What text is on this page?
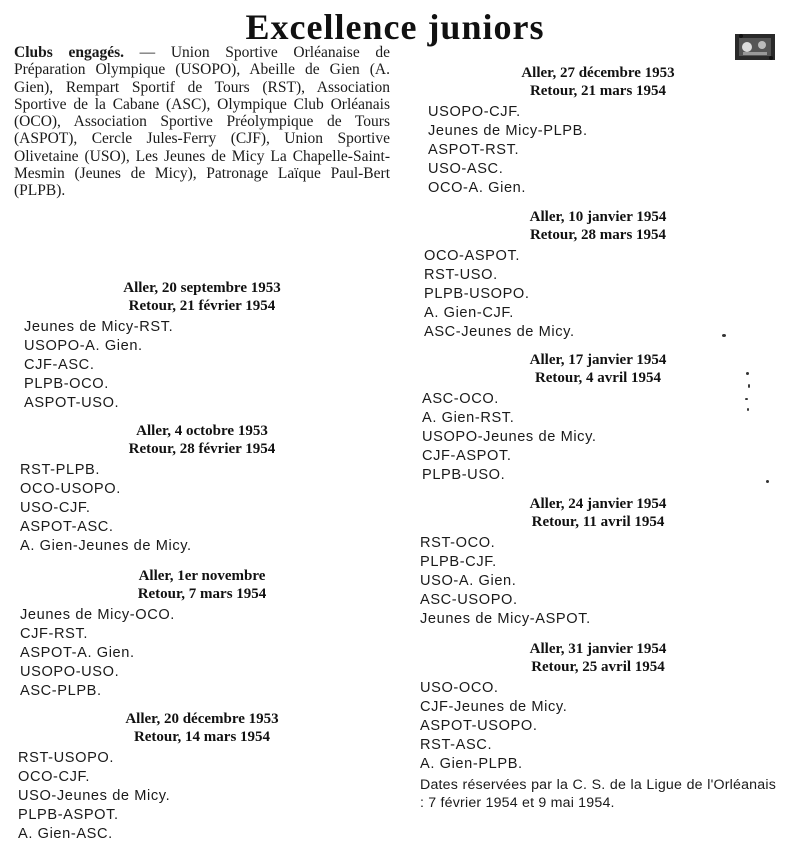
Excellence juniors
Clubs engagés. — Union Sportive Orléanaise de Préparation Olympique (USOPO), Abeille de Gien (A. Gien), Rempart Sportif de Tours (RST), Association Sportive de la Cabane (ASC), Olympique Club Orléanais (OCO), Association Sportive Préolympique de Tours (ASPOT), Cercle Jules-Ferry (CJF), Union Sportive Olivetaine (USO), Les Jeunes de Micy La Chapelle-Saint-Mesmin (Jeunes de Micy), Patronage Laïque Paul-Bert (PLPB).
Aller, 20 septembre 1953
Retour, 21 février 1954
Jeunes de Micy-RST.
USOPO-A. Gien.
CJF-ASC.
PLPB-OCO.
ASPOT-USO.
Aller, 4 octobre 1953
Retour, 28 février 1954
RST-PLPB.
OCO-USOPO.
USO-CJF.
ASPOT-ASC.
A. Gien-Jeunes de Micy.
Aller, 1er novembre
Retour, 7 mars 1954
Jeunes de Micy-OCO.
CJF-RST.
ASPOT-A. Gien.
USOPO-USO.
ASC-PLPB.
Aller, 20 décembre 1953
Retour, 14 mars 1954
RST-USOPO.
OCO-CJF.
USO-Jeunes de Micy.
PLPB-ASPOT.
A. Gien-ASC.
Aller, 27 décembre 1953
Retour, 21 mars 1954
USOPO-CJF.
Jeunes de Micy-PLPB.
ASPOT-RST.
USO-ASC.
OCO-A. Gien.
Aller, 10 janvier 1954
Retour, 28 mars 1954
OCO-ASPOT.
RST-USO.
PLPB-USOPO.
A. Gien-CJF.
ASC-Jeunes de Micy.
Aller, 17 janvier 1954
Retour, 4 avril 1954
ASC-OCO.
A. Gien-RST.
USOPO-Jeunes de Micy.
CJF-ASPOT.
PLPB-USO.
Aller, 24 janvier 1954
Retour, 11 avril 1954
RST-OCO.
PLPB-CJF.
USO-A. Gien.
ASC-USOPO.
Jeunes de Micy-ASPOT.
Aller, 31 janvier 1954
Retour, 25 avril 1954
USO-OCO.
CJF-Jeunes de Micy.
ASPOT-USOPO.
RST-ASC.
A. Gien-PLPB.
Dates réservées par la C. S. de la Ligue de l'Orléanais : 7 février 1954 et 9 mai 1954.
